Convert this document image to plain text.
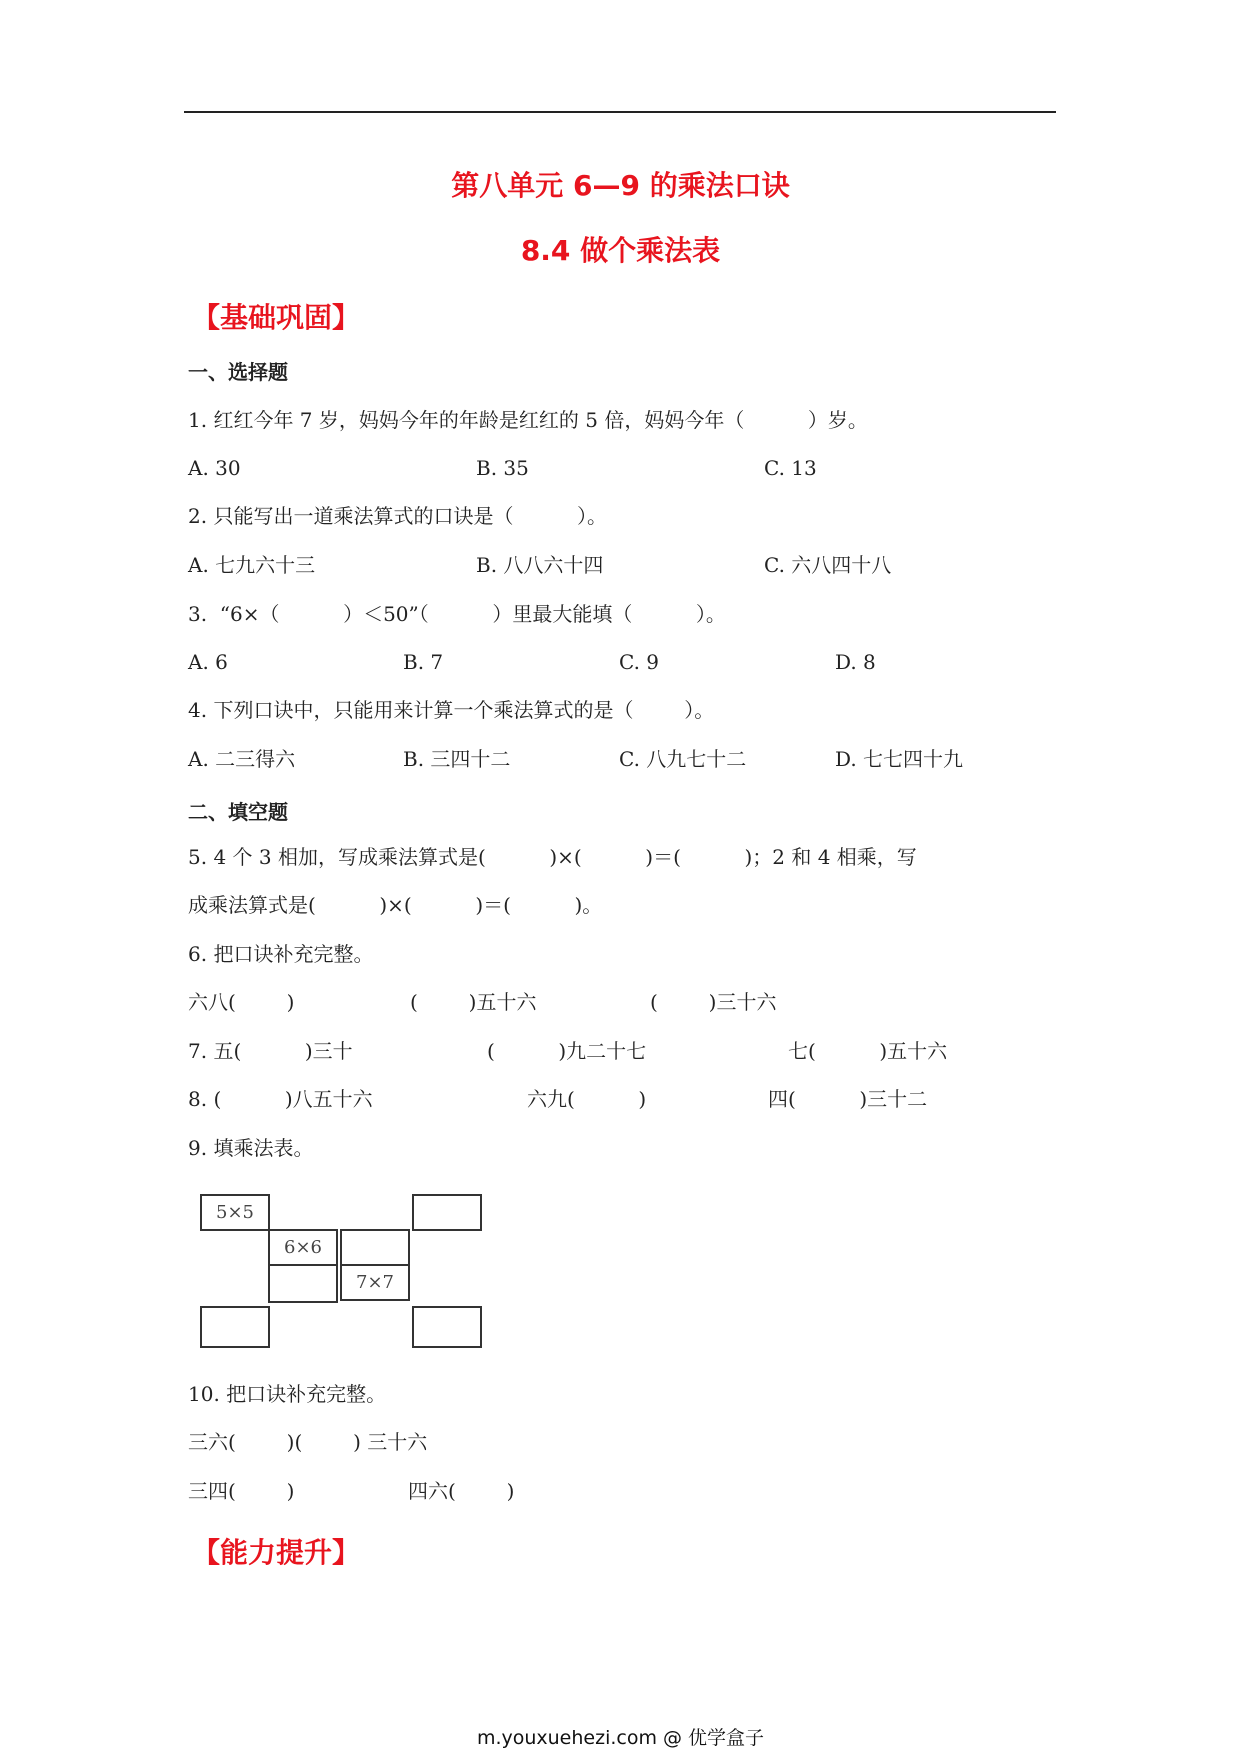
第八单元 6—9 的乘法口诀
8.4 做个乘法表
【基础巩固】
一、选择题
1. 红红今年 7 岁，妈妈今年的年龄是红红的 5 倍，妈妈今年（          ）岁。
A. 30	B. 35	C. 13
2. 只能写出一道乘法算式的口诀是（          ）。
A. 七九六十三	B. 八八六十四	C. 六八四十八
3.  “6×（          ）＜50”（          ）里最大能填（          ）。
A. 6	B. 7	C. 9	D. 8
4. 下列口诀中，只能用来计算一个乘法算式的是（        ）。
A. 二三得六	B. 三四十二	C. 八九七十二	D. 七七四十九
二、填空题
5. 4 个 3 相加，写成乘法算式是(          )×(          )＝(          )；2 和 4 相乘，写
成乘法算式是(          )×(          )＝(          )。
6. 把口诀补充完整。
六八(        )	(        )五十六	(        )三十六
7. 五(          )三十	(          )九二十七	七(          )五十六
8. (          )八五十六	六九(          )	四(          )三十二
9. 填乘法表。
5×5
6×6
7×7
10. 把口诀补充完整。
三六(        )(        ) 三十六
三四(        )	四六(        )
【能力提升】
m.youxuehezi.com @ 优学盒子
